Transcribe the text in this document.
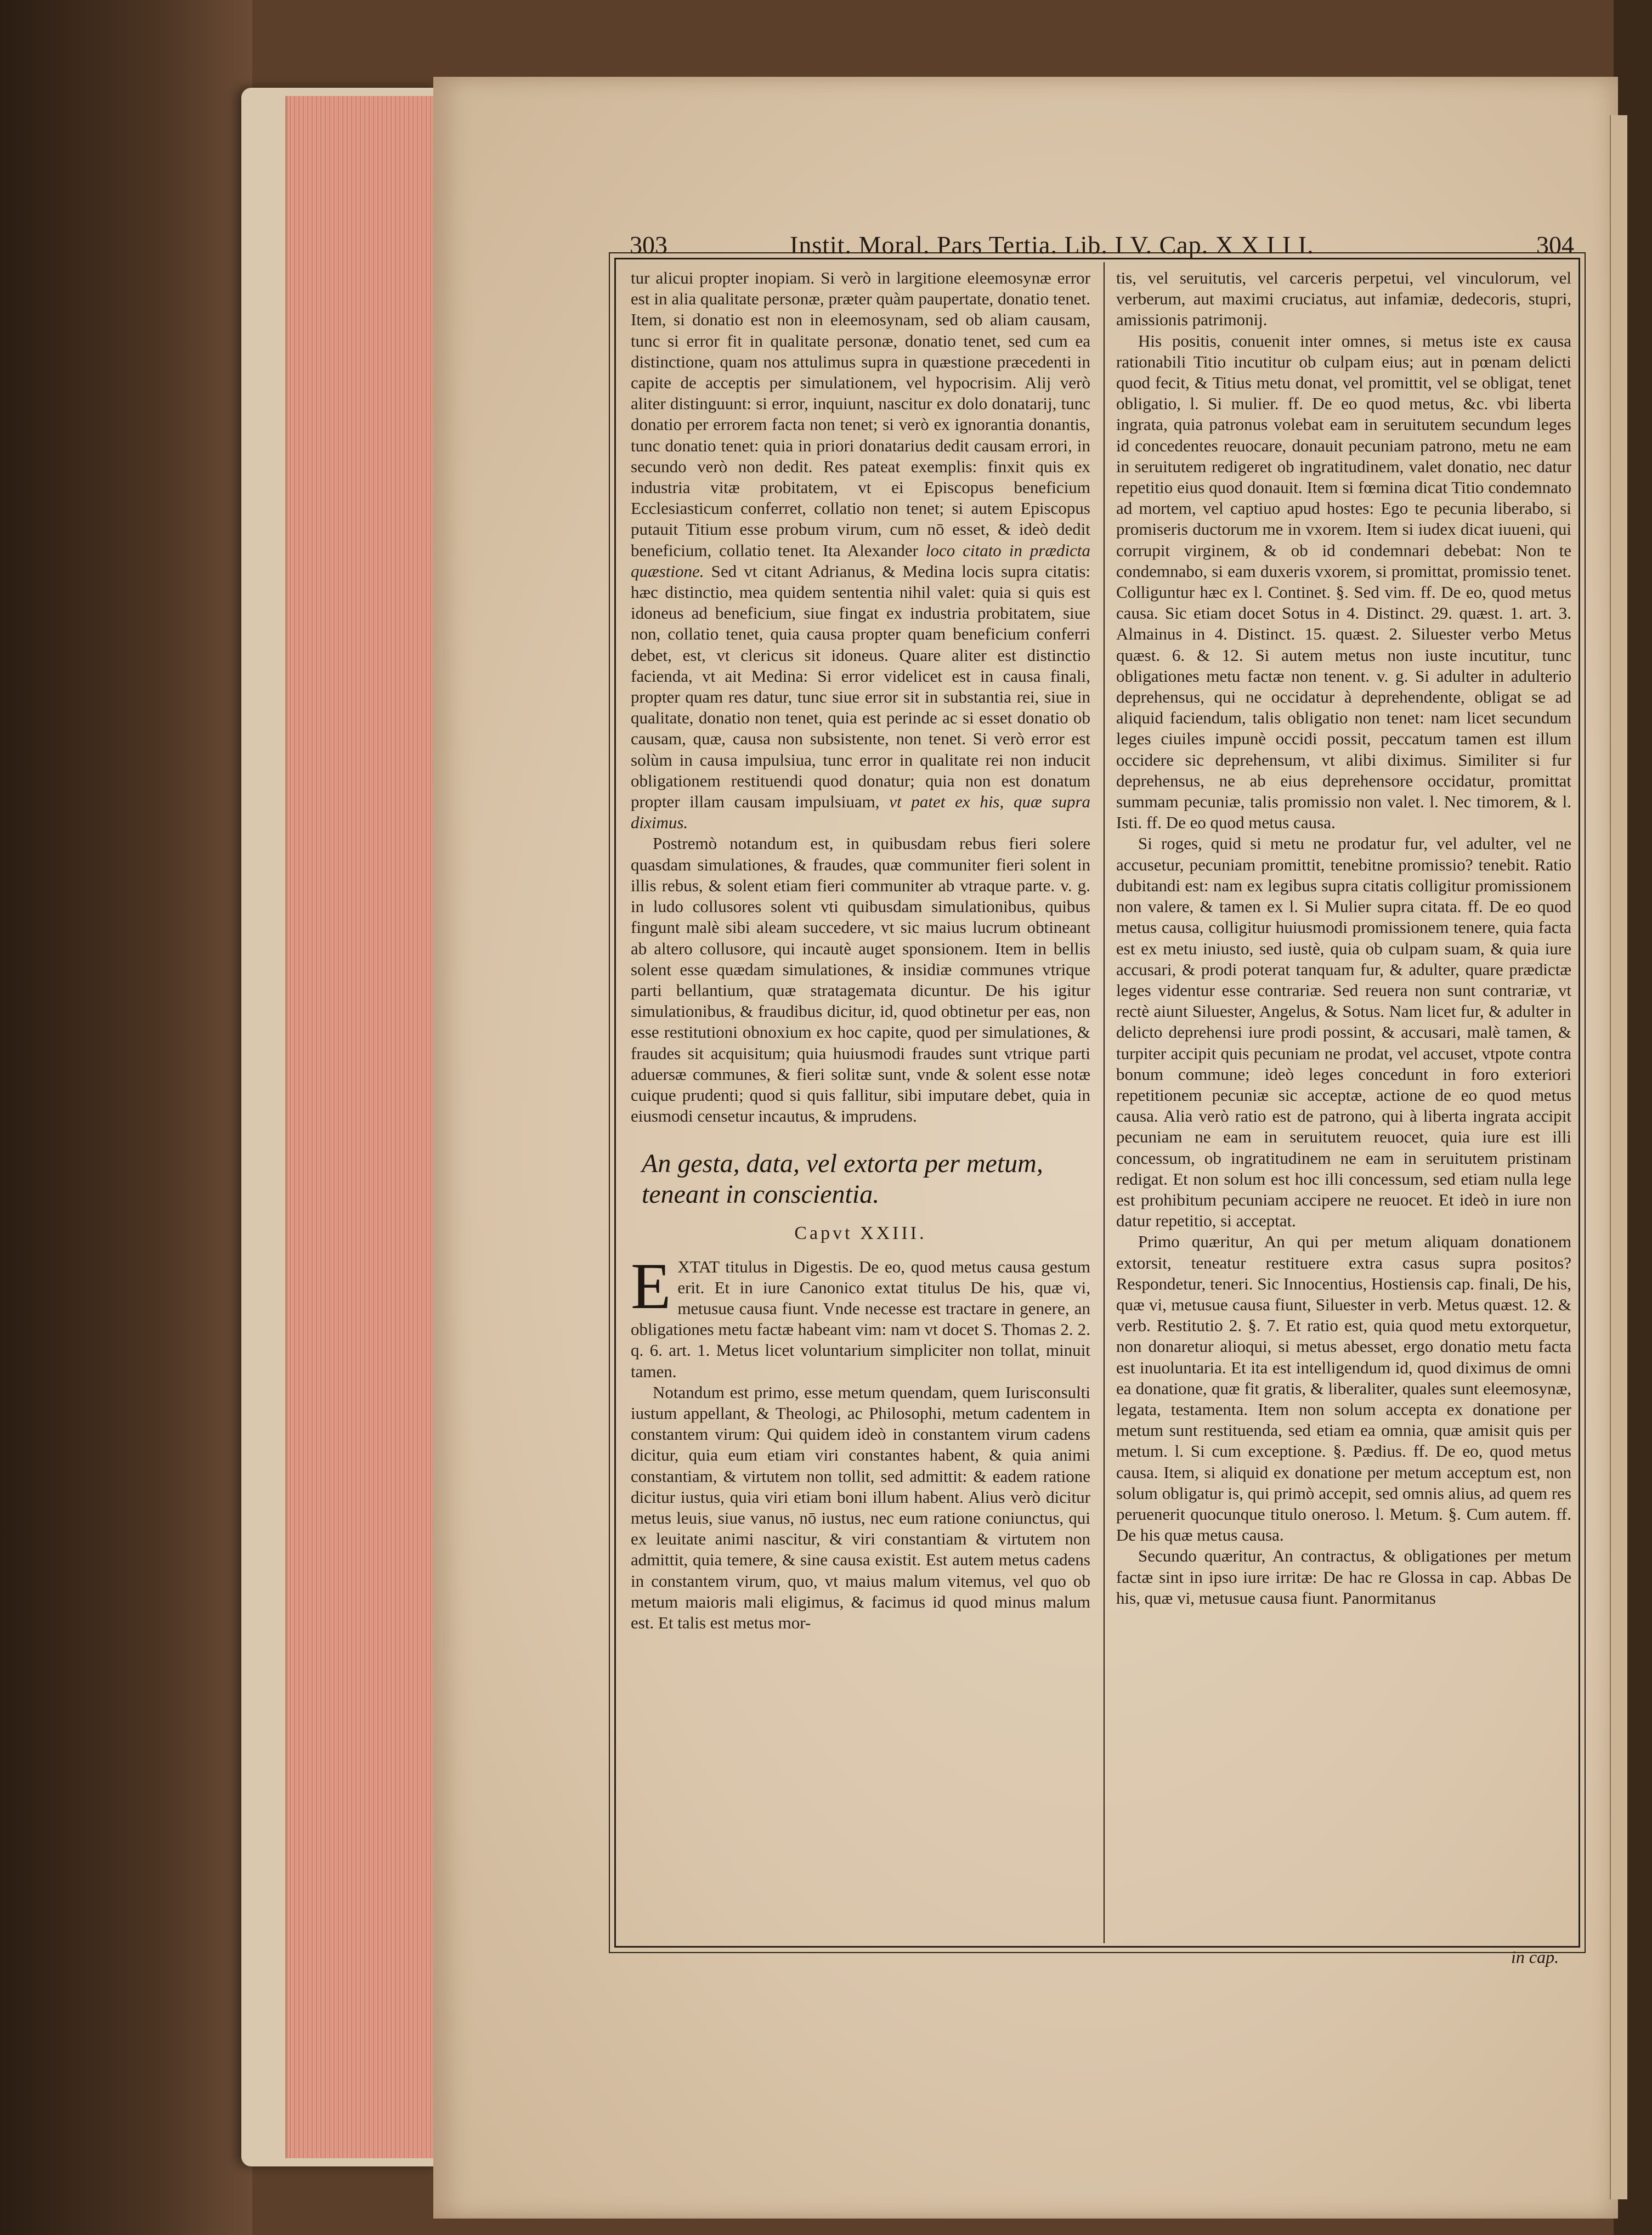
303	Instit. Moral. Pars Tertia. Lib. I V. Cap. X X I I I.	304

tur alicui propter inopiam. Si verò in largitione eleemosynæ error est in alia qualitate personæ, præter quàm paupertate, donatio tenet. Item, si donatio est non in eleemosynam, sed ob aliam causam, tunc si error fit in qualitate personæ, donatio tenet, sed cum ea distinctione, quam nos attulimus supra in quæstione præcedenti in capite de acceptis per simulationem, vel hypocrisim. Alij verò aliter distinguunt: si error, inquiunt, nascitur ex dolo donatarij, tunc donatio per errorem facta non tenet; si verò ex ignorantia donantis, tunc donatio tenet: quia in priori donatarius dedit causam errori, in secundo verò non dedit. Res pateat exemplis: finxit quis ex industria vitæ probitatem, vt ei Episcopus beneficium Ecclesiasticum conferret, collatio non tenet; si autem Episcopus putauit Titium esse probum virum, cum nō esset, & ideò dedit beneficium, collatio tenet. Ita Alexander loco citato in prædicta quæstione. Sed vt citant Adrianus, & Medina locis supra citatis: hæc distinctio, mea quidem sententia nihil valet: quia si quis est idoneus ad beneficium, siue fingat ex industria probitatem, siue non, collatio tenet, quia causa propter quam beneficium conferri debet, est, vt clericus sit idoneus. Quare aliter est distinctio facienda, vt ait Medina: Si error videlicet est in causa finali, propter quam res datur, tunc siue error sit in substantia rei, siue in qualitate, donatio non tenet, quia est perinde ac si esset donatio ob causam, quæ, causa non subsistente, non tenet. Si verò error est solùm in causa impulsiua, tunc error in qualitate rei non inducit obligationem restituendi quod donatur; quia non est donatum propter illam causam impulsiuam, vt patet ex his, quæ supra diximus.

Postremò notandum est, in quibusdam rebus fieri solere quasdam simulationes, & fraudes, quæ communiter fieri solent in illis rebus, & solent etiam fieri communiter ab vtraque parte. v. g. in ludo collusores solent vti quibusdam simulationibus, quibus fingunt malè sibi aleam succedere, vt sic maius lucrum obtineant ab altero collusore, qui incautè auget sponsionem. Item in bellis solent esse quædam simulationes, & insidiæ communes vtrique parti bellantium, quæ stratagemata dicuntur. De his igitur simulationibus, & fraudibus dicitur, id, quod obtinetur per eas, non esse restitutioni obnoxium ex hoc capite, quod per simulationes, & fraudes sit acquisitum; quia huiusmodi fraudes sunt vtrique parti aduersæ communes, & fieri solitæ sunt, vnde & solent esse notæ cuique prudenti; quod si quis fallitur, sibi imputare debet, quia in eiusmodi censetur incautus, & imprudens.

An gesta, data, vel extorta per metum, teneant in conscientia.
Capvt XXIII.

EXTAT titulus in Digestis. De eo, quod metus causa gestum erit. Et in iure Canonico extat titulus De his, quæ vi, metusue causa fiunt. Vnde necesse est tractare in genere, an obligationes metu factæ habeant vim: nam vt docet S. Thomas 2. 2. q. 6. art. 1. Metus licet voluntarium simpliciter non tollat, minuit tamen.

Notandum est primo, esse metum quendam, quem Iurisconsulti iustum appellant, & Theologi, ac Philosophi, metum cadentem in constantem virum: Qui quidem ideò in constantem virum cadens dicitur, quia eum etiam viri constantes habent, & quia animi constantiam, & virtutem non tollit, sed admittit: & eadem ratione dicitur iustus, quia viri etiam boni illum habent. Alius verò dicitur metus leuis, siue vanus, nō iustus, nec eum ratione coniunctus, qui ex leuitate animi nascitur, & viri constantiam & virtutem non admittit, quia temere, & sine causa existit. Est autem metus cadens in constantem virum, quo, vt maius malum vitemus, vel quo ob metum maioris mali eligimus, & facimus id quod minus malum est. Et talis est metus mor-

tis, vel seruitutis, vel carceris perpetui, vel vinculorum, vel verberum, aut maximi cruciatus, aut infamiæ, dedecoris, stupri, amissionis patrimonij.

His positis, conuenit inter omnes, si metus iste ex causa rationabili Titio incutitur ob culpam eius; aut in pœnam delicti quod fecit, & Titius metu donat, vel promittit, vel se obligat, tenet obligatio, l. Si mulier. ff. De eo quod metus, &c. vbi liberta ingrata, quia patronus volebat eam in seruitutem secundum leges id concedentes reuocare, donauit pecuniam patrono, metu ne eam in seruitutem redigeret ob ingratitudinem, valet donatio, nec datur repetitio eius quod donauit. Item si fœmina dicat Titio condemnato ad mortem, vel captiuo apud hostes: Ego te pecunia liberabo, si promiseris ductorum me in vxorem. Item si iudex dicat iuueni, qui corrupit virginem, & ob id condemnari debebat: Non te condemnabo, si eam duxeris vxorem, si promittat, promissio tenet. Colliguntur hæc ex l. Continet. §. Sed vim. ff. De eo, quod metus causa. Sic etiam docet Sotus in 4. Distinct. 29. quæst. 1. art. 3. Almainus in 4. Distinct. 15. quæst. 2. Siluester verbo Metus quæst. 6. & 12. Si autem metus non iuste incutitur, tunc obligationes metu factæ non tenent. v. g. Si adulter in adulterio deprehensus, qui ne occidatur à deprehendente, obligat se ad aliquid faciendum, talis obligatio non tenet: nam licet secundum leges ciuiles impunè occidi possit, peccatum tamen est illum occidere sic deprehensum, vt alibi diximus. Similiter si fur deprehensus, ne ab eius deprehensore occidatur, promittat summam pecuniæ, talis promissio non valet. l. Nec timorem, & l. Isti. ff. De eo quod metus causa.

Si roges, quid si metu ne prodatur fur, vel adulter, vel ne accusetur, pecuniam promittit, tenebitne promissio? tenebit. Ratio dubitandi est: nam ex legibus supra citatis colligitur promissionem non valere, & tamen ex l. Si Mulier supra citata. ff. De eo quod metus causa, colligitur huiusmodi promissionem tenere, quia facta est ex metu iniusto, sed iustè, quia ob culpam suam, & quia iure accusari, & prodi poterat tanquam fur, & adulter, quare prædictæ leges videntur esse contrariæ. Sed reuera non sunt contrariæ, vt rectè aiunt Siluester, Angelus, & Sotus. Nam licet fur, & adulter in delicto deprehensi iure prodi possint, & accusari, malè tamen, & turpiter accipit quis pecuniam ne prodat, vel accuset, vtpote contra bonum commune; ideò leges concedunt in foro exteriori repetitionem pecuniæ sic acceptæ, actione de eo quod metus causa. Alia verò ratio est de patrono, qui à liberta ingrata accipit pecuniam ne eam in seruitutem reuocet, quia iure est illi concessum, ob ingratitudinem ne eam in seruitutem pristinam redigat. Et non solum est hoc illi concessum, sed etiam nulla lege est prohibitum pecuniam accipere ne reuocet. Et ideò in iure non datur repetitio, si acceptat.

Primo quæritur, An qui per metum aliquam donationem extorsit, teneatur restituere extra casus supra positos? Respondetur, teneri. Sic Innocentius, Hostiensis cap. finali, De his, quæ vi, metusue causa fiunt, Siluester in verb. Metus quæst. 12. & verb. Restitutio 2. §. 7. Et ratio est, quia quod metu extorquetur, non donaretur alioqui, si metus abesset, ergo donatio metu facta est inuoluntaria. Et ita est intelligendum id, quod diximus de omni ea donatione, quæ fit gratis, & liberaliter, quales sunt eleemosynæ, legata, testamenta. Item non solum accepta ex donatione per metum sunt restituenda, sed etiam ea omnia, quæ amisit quis per metum. l. Si cum exceptione. §. Pædius. ff. De eo, quod metus causa. Item, si aliquid ex donatione per metum acceptum est, non solum obligatur is, qui primò accepit, sed omnis alius, ad quem res peruenerit quocunque titulo oneroso. l. Metum. §. Cum autem. ff. De his quæ metus causa.

Secundo quæritur, An contractus, & obligationes per metum factæ sint in ipso iure irritæ: De hac re Glossa in cap. Abbas De his, quæ vi, metusue causa fiunt. Panormitanus

in cap.
